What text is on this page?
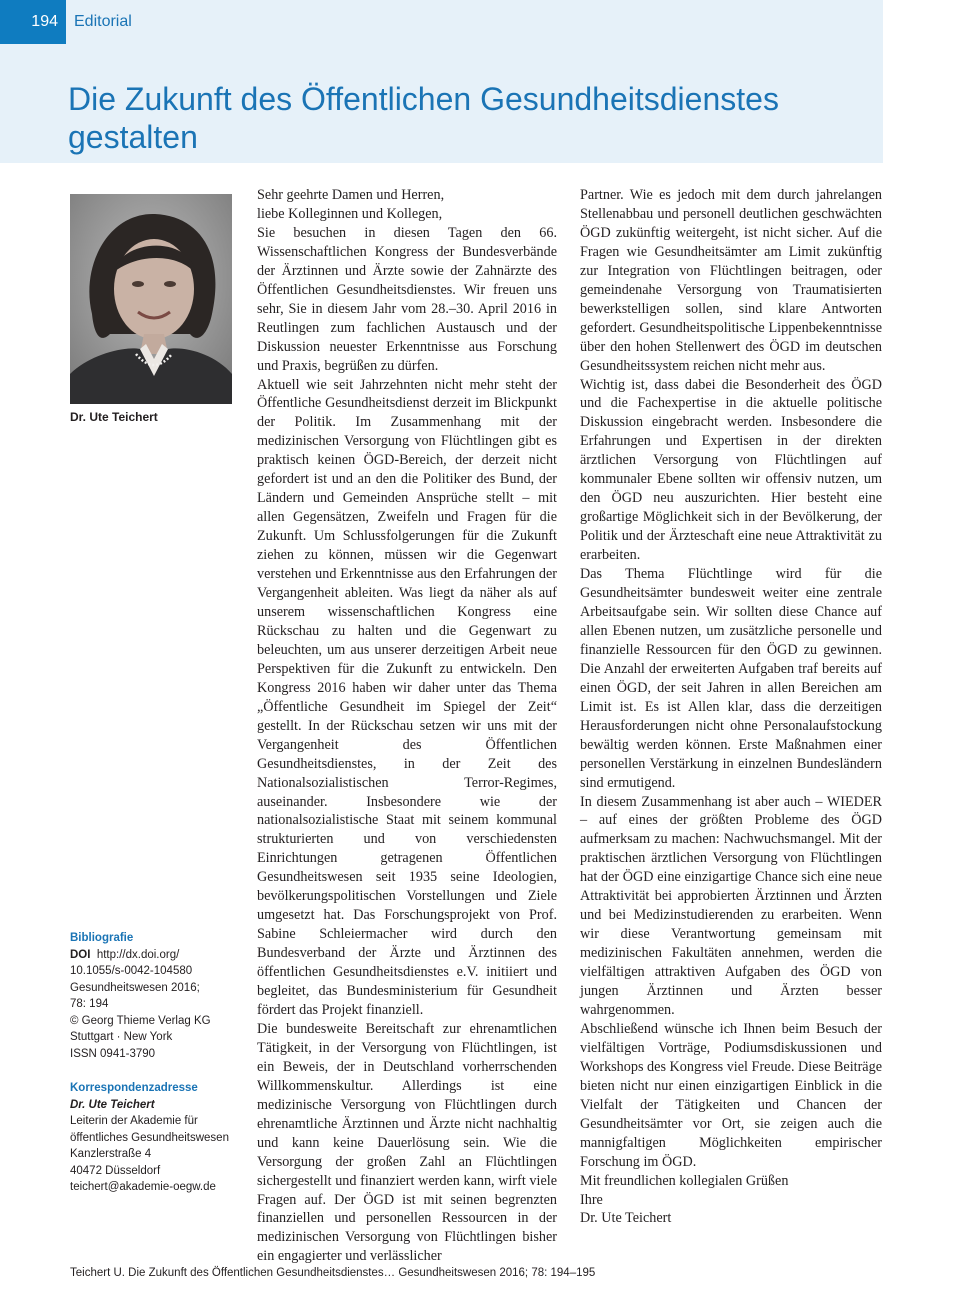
194	Editorial
Die Zukunft des Öffentlichen Gesundheitsdienstes gestalten
Dr. Ute Teichert

Sehr geehrte Damen und Herren,

liebe Kolleginnen und Kollegen,

Sie besuchen in diesen Tagen den 66. Wissenschaftlichen Kongress der Bundesverbände der Ärztinnen und Ärzte sowie der Zahnärzte des Öffentlichen Gesundheitsdienstes. Wir freuen uns sehr, Sie in diesem Jahr vom 28.–30. April 2016 in Reutlingen zum fachlichen Austausch und der Diskussion neuester Erkenntnisse aus Forschung und Praxis, begrüßen zu dürfen.

Aktuell wie seit Jahrzehnten nicht mehr steht der Öffentliche Gesundheitsdienst derzeit im Blickpunkt der Politik. Im Zusammenhang mit der medizinischen Versorgung von Flüchtlingen gibt es praktisch keinen ÖGD-Bereich, der derzeit nicht gefordert ist und an den die Politiker des Bund, der Ländern und Gemeinden Ansprüche stellt – mit allen Gegensätzen, Zweifeln und Fragen für die Zukunft. Um Schlussfolgerungen für die Zukunft ziehen zu können, müssen wir die Gegenwart verstehen und Erkenntnisse aus den Erfahrungen der Vergangenheit ableiten. Was liegt da näher als auf unserem wissenschaftlichen Kongress eine Rückschau zu halten und die Gegenwart zu beleuchten, um aus unserer derzeitigen Arbeit neue Perspektiven für die Zukunft zu entwickeln. Den Kongress 2016 haben wir daher unter das Thema „Öffentliche Gesundheit im Spiegel der Zeit“ gestellt. In der Rückschau setzen wir uns mit der Vergangenheit des Öffentlichen Gesundheitsdienstes, in der Zeit des Nationalsozialistischen Terror-Regimes, auseinander. Insbesondere wie der nationalsozialistische Staat mit seinem kommunal strukturierten und von verschiedensten Einrichtungen getragenen Öffentlichen Gesundheitswesen seit 1935 seine Ideologien, bevölkerungspolitischen Vorstellungen und Ziele umgesetzt hat. Das Forschungsprojekt von Prof. Sabine Schleiermacher wird durch den Bundesverband der Ärzte und Ärztinnen des öffentlichen Gesundheitsdienstes e.V. initiiert und begleitet, das Bundesministerium für Gesundheit fördert das Projekt finanziell.

Die bundesweite Bereitschaft zur ehrenamtlichen Tätigkeit, in der Versorgung von Flüchtlingen, ist ein Beweis, der in Deutschland vorherrschenden Willkommenskultur. Allerdings ist eine medizinische Versorgung von Flüchtlingen durch ehrenamtliche Ärztinnen und Ärzte nicht nachhaltig und kann keine Dauerlösung sein. Wie die Versorgung der großen Zahl an Flüchtlingen sichergestellt und finanziert werden kann, wirft viele Fragen auf. Der ÖGD ist mit seinen begrenzten finanziellen und personellen Ressourcen in der medizinischen Versorgung von Flüchtlingen bisher ein engagierter und verlässlicher

Partner. Wie es jedoch mit dem durch jahrelangen Stellenabbau und personell deutlichen geschwächten ÖGD zukünftig weitergeht, ist nicht sicher. Auf die Fragen wie Gesundheitsämter am Limit zukünftig zur Integration von Flüchtlingen beitragen, oder gemeindenahe Versorgung von Traumatisierten bewerkstelligen sollen, sind klare Antworten gefordert. Gesundheitspolitische Lippenbekenntnisse über den hohen Stellenwert des ÖGD im deutschen Gesundheitssystem reichen nicht mehr aus.

Wichtig ist, dass dabei die Besonderheit des ÖGD und die Fachexpertise in die aktuelle politische Diskussion eingebracht werden. Insbesondere die Erfahrungen und Expertisen in der direkten ärztlichen Versorgung von Flüchtlingen auf kommunaler Ebene sollten wir offensiv nutzen, um den ÖGD neu auszurichten. Hier besteht eine großartige Möglichkeit sich in der Bevölkerung, der Politik und der Ärzteschaft eine neue Attraktivität zu erarbeiten.

Das Thema Flüchtlinge wird für die Gesundheitsämter bundesweit weiter eine zentrale Arbeitsaufgabe sein. Wir sollten diese Chance auf allen Ebenen nutzen, um zusätzliche personelle und finanzielle Ressourcen für den ÖGD zu gewinnen. Die Anzahl der erweiterten Aufgaben traf bereits auf einen ÖGD, der seit Jahren in allen Bereichen am Limit ist. Es ist Allen klar, dass die derzeitigen Herausforderungen nicht ohne Personalaufstockung bewältig werden können. Erste Maßnahmen einer personellen Verstärkung in einzelnen Bundesländern sind ermutigend.

In diesem Zusammenhang ist aber auch – WIEDER – auf eines der größten Probleme des ÖGD aufmerksam zu machen: Nachwuchsmangel. Mit der praktischen ärztlichen Versorgung von Flüchtlingen hat der ÖGD eine einzigartige Chance sich eine neue Attraktivität bei approbierten Ärztinnen und Ärzten und bei Medizinstudierenden zu erarbeiten. Wenn wir diese Verantwortung gemeinsam mit medizinischen Fakultäten annehmen, werden die vielfältigen attraktiven Aufgaben des ÖGD von jungen Ärztinnen und Ärzten besser wahrgenommen.

Abschließend wünsche ich Ihnen beim Besuch der vielfältigen Vorträge, Podiumsdiskussionen und Workshops des Kongress viel Freude. Diese Beiträge bieten nicht nur einen einzigartigen Einblick in die Vielfalt der Tätigkeiten und Chancen der Gesundheitsämter vor Ort, sie zeigen auch die mannigfaltigen Möglichkeiten empirischer Forschung im ÖGD.

Mit freundlichen kollegialen Grüßen

Ihre

Dr. Ute Teichert

Bibliografie
DOI http://dx.doi.org/
10.1055/s-0042-104580
Gesundheitswesen 2016;
78: 194
© Georg Thieme Verlag KG
Stuttgart · New York
ISSN 0941-3790
Korrespondenzadresse
Dr. Ute Teichert
Leiterin der Akademie für
öffentliches Gesundheitswesen
Kanzlerstraße 4
40472 Düsseldorf
teichert@akademie-oegw.de
Teichert U. Die Zukunft des Öffentlichen Gesundheitsdienstes… Gesundheitswesen 2016; 78: 194–195
